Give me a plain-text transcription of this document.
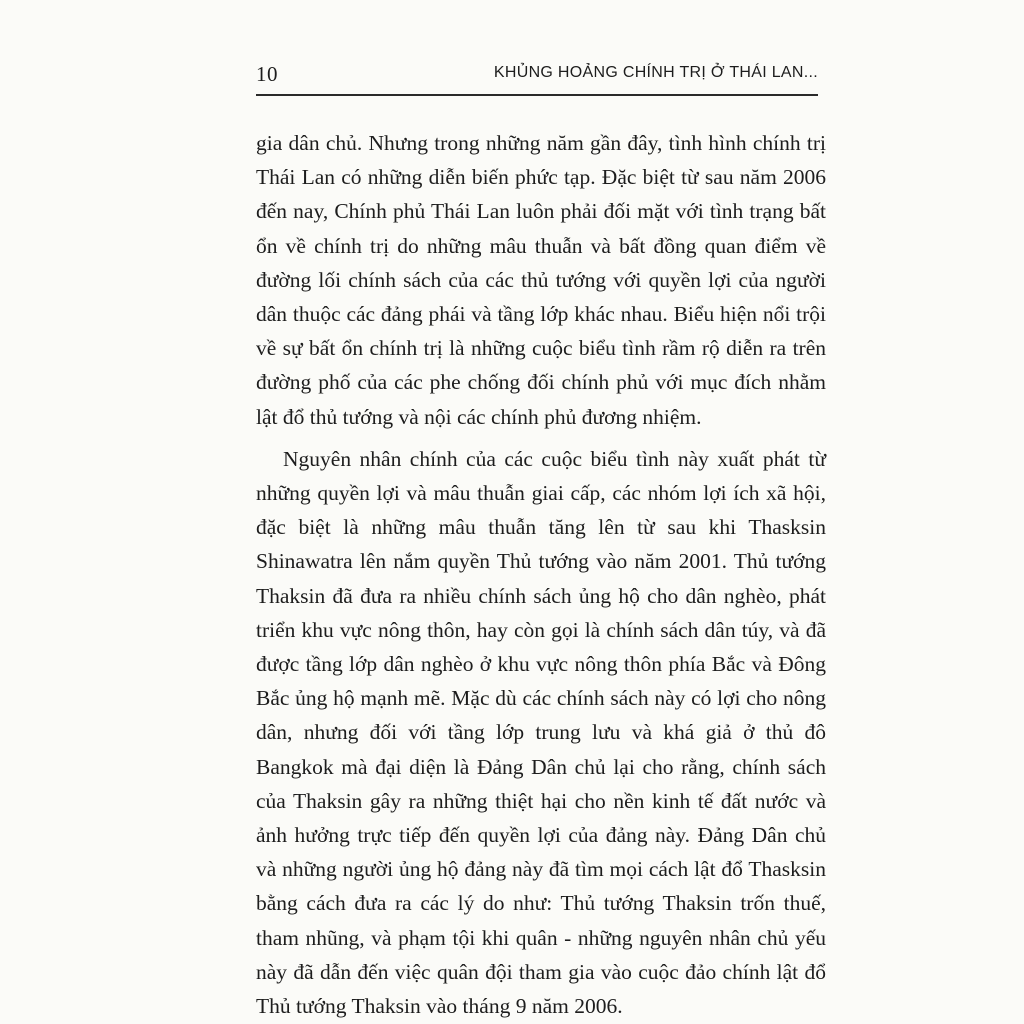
10	KHỦNG HOẢNG CHÍNH TRỊ Ở THÁI LAN...

gia dân chủ. Nhưng trong những năm gần đây, tình hình chính trị Thái Lan có những diễn biến phức tạp. Đặc biệt từ sau năm 2006 đến nay, Chính phủ Thái Lan luôn phải đối mặt với tình trạng bất ổn về chính trị do những mâu thuẫn và bất đồng quan điểm về đường lối chính sách của các thủ tướng với quyền lợi của người dân thuộc các đảng phái và tầng lớp khác nhau. Biểu hiện nổi trội về sự bất ổn chính trị là những cuộc biểu tình rầm rộ diễn ra trên đường phố của các phe chống đối chính phủ với mục đích nhằm lật đổ thủ tướng và nội các chính phủ đương nhiệm.

Nguyên nhân chính của các cuộc biểu tình này xuất phát từ những quyền lợi và mâu thuẫn giai cấp, các nhóm lợi ích xã hội, đặc biệt là những mâu thuẫn tăng lên từ sau khi Thasksin Shinawatra lên nắm quyền Thủ tướng vào năm 2001. Thủ tướng Thaksin đã đưa ra nhiều chính sách ủng hộ cho dân nghèo, phát triển khu vực nông thôn, hay còn gọi là chính sách dân túy, và đã được tầng lớp dân nghèo ở khu vực nông thôn phía Bắc và Đông Bắc ủng hộ mạnh mẽ. Mặc dù các chính sách này có lợi cho nông dân, nhưng đối với tầng lớp trung lưu và khá giả ở thủ đô Bangkok mà đại diện là Đảng Dân chủ lại cho rằng, chính sách của Thaksin gây ra những thiệt hại cho nền kinh tế đất nước và ảnh hưởng trực tiếp đến quyền lợi của đảng này. Đảng Dân chủ và những người ủng hộ đảng này đã tìm mọi cách lật đổ Thasksin bằng cách đưa ra các lý do như: Thủ tướng Thaksin trốn thuế, tham nhũng, và phạm tội khi quân - những nguyên nhân chủ yếu này đã dẫn đến việc quân đội tham gia vào cuộc đảo chính lật đổ Thủ tướng Thaksin vào tháng 9 năm 2006.
